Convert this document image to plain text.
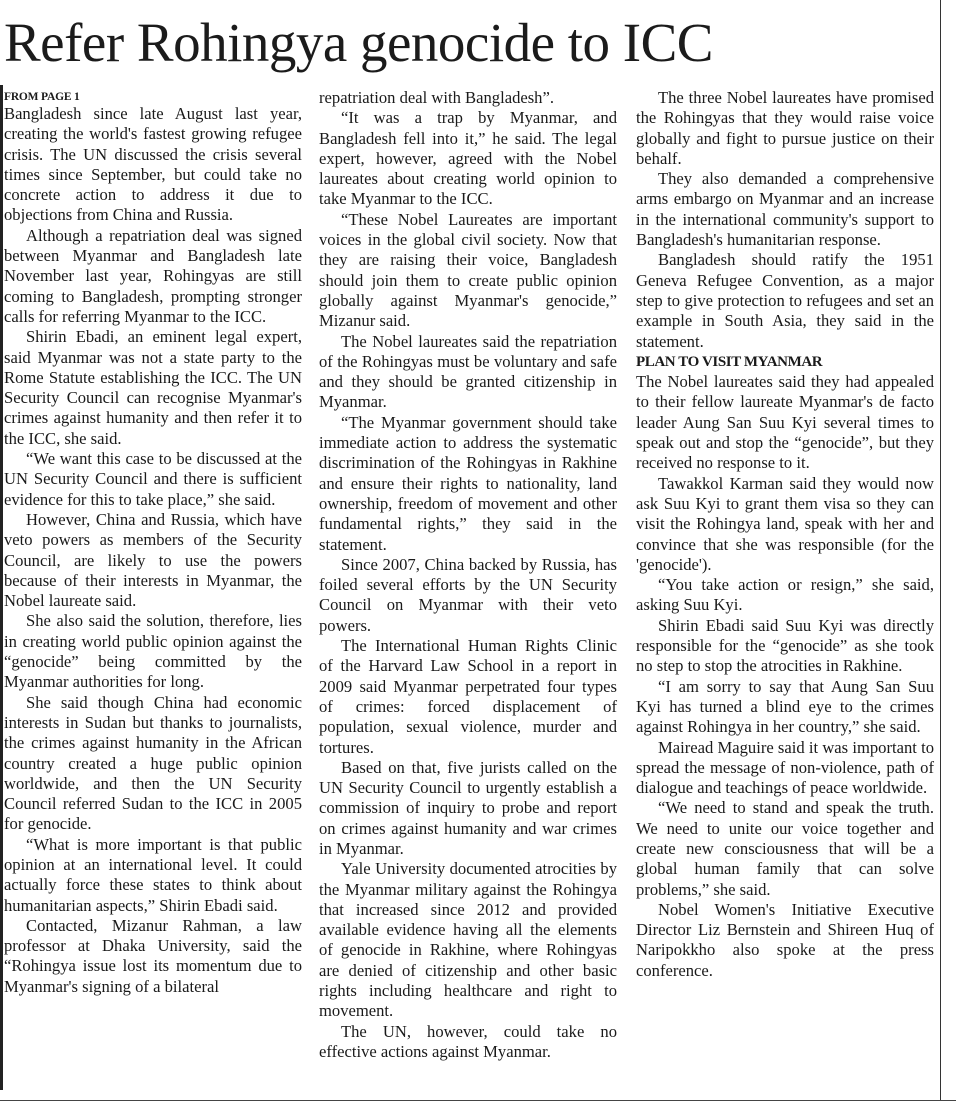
Refer Rohingya genocide to ICC
FROM PAGE 1

Bangladesh since late August last year, creating the world's fastest growing refugee crisis. The UN discussed the crisis several times since September, but could take no concrete action to address it due to objections from China and Russia.

Although a repatriation deal was signed between Myanmar and Bangladesh late November last year, Rohingyas are still coming to Bangladesh, prompting stronger calls for referring Myanmar to the ICC.

Shirin Ebadi, an eminent legal expert, said Myanmar was not a state party to the Rome Statute establishing the ICC. The UN Security Council can recognise Myanmar's crimes against humanity and then refer it to the ICC, she said.

“We want this case to be discussed at the UN Security Council and there is sufficient evidence for this to take place,” she said.

However, China and Russia, which have veto powers as members of the Security Council, are likely to use the powers because of their interests in Myanmar, the Nobel laureate said.

She also said the solution, therefore, lies in creating world public opinion against the “genocide” being committed by the Myanmar authorities for long.

She said though China had economic interests in Sudan but thanks to journalists, the crimes against humanity in the African country created a huge public opinion worldwide, and then the UN Security Council referred Sudan to the ICC in 2005 for genocide.

“What is more important is that public opinion at an international level. It could actually force these states to think about humanitarian aspects,” Shirin Ebadi said.

Contacted, Mizanur Rahman, a law professor at Dhaka University, said the “Rohingya issue lost its momentum due to Myanmar's signing of a bilateral

repatriation deal with Bangladesh”.

“It was a trap by Myanmar, and Bangladesh fell into it,” he said. The legal expert, however, agreed with the Nobel laureates about creating world opinion to take Myanmar to the ICC.

“These Nobel Laureates are important voices in the global civil society. Now that they are raising their voice, Bangladesh should join them to create public opinion globally against Myanmar's genocide,” Mizanur said.

The Nobel laureates said the repatriation of the Rohingyas must be voluntary and safe and they should be granted citizenship in Myanmar.

“The Myanmar government should take immediate action to address the systematic discrimination of the Rohingyas in Rakhine and ensure their rights to nationality, land ownership, freedom of movement and other fundamental rights,” they said in the statement.

Since 2007, China backed by Russia, has foiled several efforts by the UN Security Council on Myanmar with their veto powers.

The International Human Rights Clinic of the Harvard Law School in a report in 2009 said Myanmar perpetrated four types of crimes: forced displacement of population, sexual violence, murder and tortures.

Based on that, five jurists called on the UN Security Council to urgently establish a commission of inquiry to probe and report on crimes against humanity and war crimes in Myanmar.

Yale University documented atrocities by the Myanmar military against the Rohingya that increased since 2012 and provided available evidence having all the elements of genocide in Rakhine, where Rohingyas are denied of citizenship and other basic rights including healthcare and right to movement.

The UN, however, could take no effective actions against Myanmar.

The three Nobel laureates have promised the Rohingyas that they would raise voice globally and fight to pursue justice on their behalf.

They also demanded a comprehensive arms embargo on Myanmar and an increase in the international community's support to Bangladesh's humanitarian response.

Bangladesh should ratify the 1951 Geneva Refugee Convention, as a major step to give protection to refugees and set an example in South Asia, they said in the statement.

PLAN TO VISIT MYANMAR

The Nobel laureates said they had appealed to their fellow laureate Myanmar's de facto leader Aung San Suu Kyi several times to speak out and stop the “genocide”, but they received no response to it.

Tawakkol Karman said they would now ask Suu Kyi to grant them visa so they can visit the Rohingya land, speak with her and convince that she was responsible (for the 'genocide').

“You take action or resign,” she said, asking Suu Kyi.

Shirin Ebadi said Suu Kyi was directly responsible for the “genocide” as she took no step to stop the atrocities in Rakhine.

“I am sorry to say that Aung San Suu Kyi has turned a blind eye to the crimes against Rohingya in her country,” she said.

Mairead Maguire said it was important to spread the message of non-violence, path of dialogue and teachings of peace worldwide.

“We need to stand and speak the truth. We need to unite our voice together and create new consciousness that will be a global human family that can solve problems,” she said.

Nobel Women's Initiative Executive Director Liz Bernstein and Shireen Huq of Naripokkho also spoke at the press conference.
